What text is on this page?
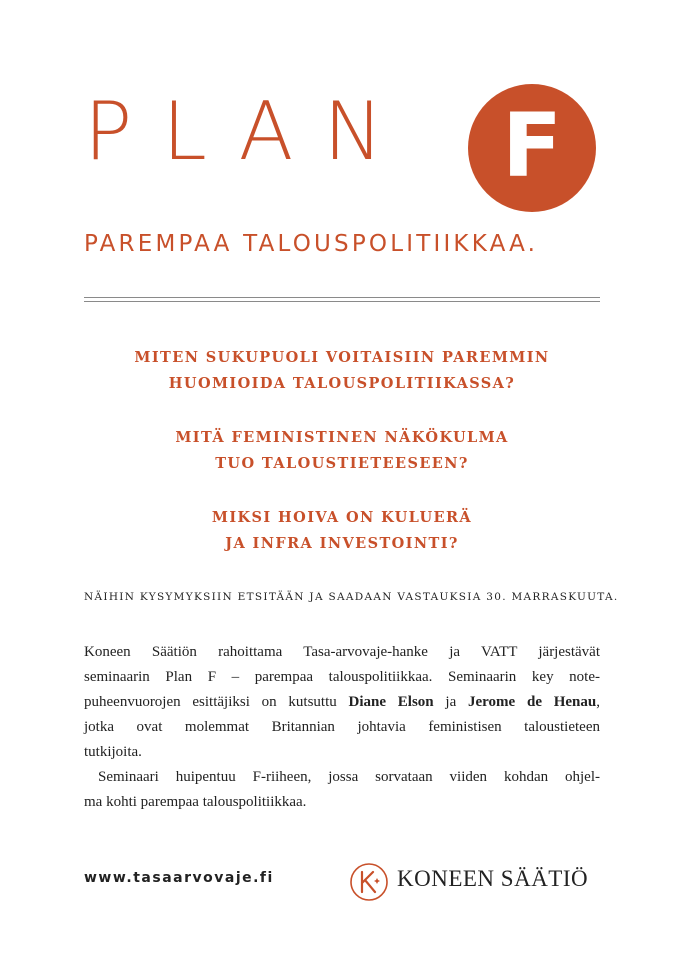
PLAN	F
PAREMPAA TALOUSPOLITIIKKAA.
MITEN SUKUPUOLI VOITAISIIN PAREMMIN
HUOMIOIDA TALOUSPOLITIIKASSA?
MITÄ FEMINISTINEN NÄKÖKULMA
TUO TALOUSTIETEESEEN?
MIKSI HOIVA ON KULUERÄ
JA INFRA INVESTOINTI?
NÄIHIN KYSYMYKSIIN ETSITÄÄN JA SAADAAN VASTAUKSIA 30. MARRASKUUTA.
Koneen Säätiön rahoittama Tasa-arvovaje-hanke ja VATT järjestävät
seminaarin Plan F – parempaa talouspolitiikkaa. Seminaarin key note-
puheenvuorojen esittäjiksi on kutsuttu Diane Elson ja Jerome de Henau,
jotka ovat molemmat Britannian johtavia feministisen taloustieteen
tutkijoita.
Seminaari huipentuu F-riiheen, jossa sorvataan viiden kohdan ohjel-
ma kohti parempaa talouspolitiikkaa.
www.tasaarvovaje.fi	KONEEN SÄÄTIÖ
